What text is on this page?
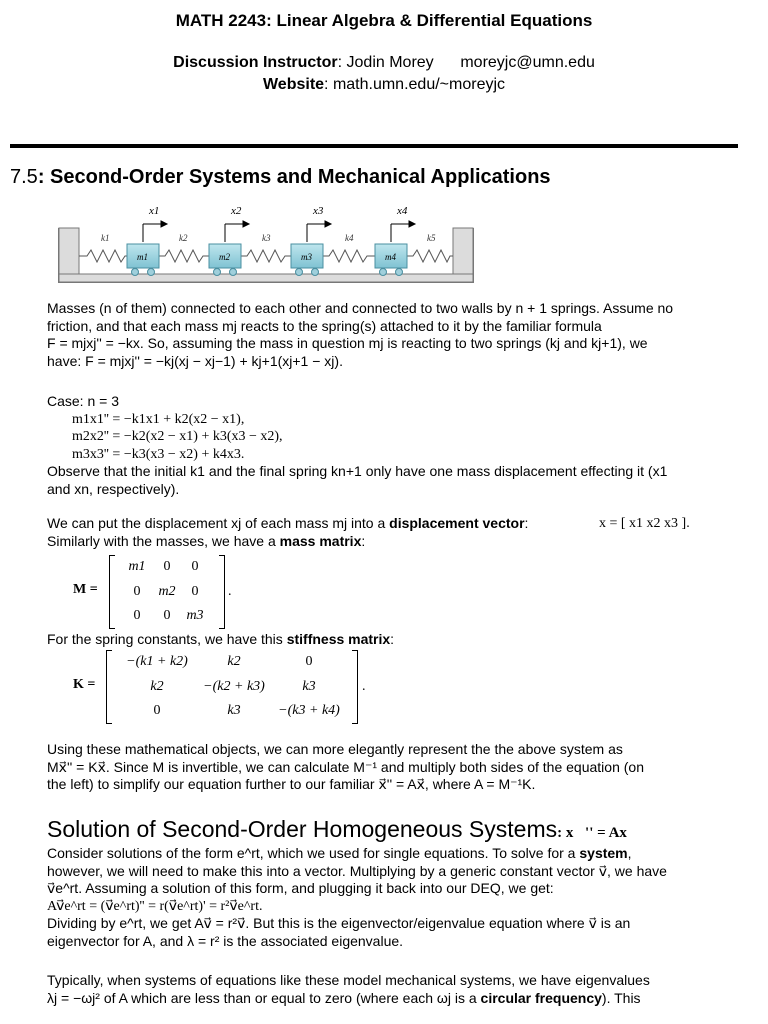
MATH 2243: Linear Algebra & Differential Equations
Discussion Instructor: Jodin Morey moreyjc@umn.edu
Website: math.umn.edu/~moreyjc
7.5: Second-Order Systems and Mechanical Applications
k1	k2	k3	k4	k5
m1	m2	m3	m4
x1	x2	x3	x4
Masses (n of them) connected to each other and connected to two walls by n + 1 springs. Assume no
friction, and that each mass mj reacts to the spring(s) attached to it by the familiar formula
F = mjxj'' = −kx. So, assuming the mass in question mj is reacting to two springs (kj and kj+1), we
have: F = mjxj'' = −kj(xj − xj−1) + kj+1(xj+1 − xj).
Case: n = 3
m1x1'' = −k1x1 + k2(x2 − x1),
m2x2'' = −k2(x2 − x1) + k3(x3 − x2),
m3x3'' = −k3(x3 − x2) + k4x3.
Observe that the initial k1 and the final spring kn+1 only have one mass displacement effecting it (x1
and xn, respectively).
We can put the displacement xj of each mass mj into a displacement vector:	x = [ x1 x2 x3 ].
Similarly with the masses, we have a mass matrix:
M =	.
m1	0	0
0	m2	0
0	0	m3
For the spring constants, we have this stiffness matrix:
K =	.
−(k1 + k2)	k2	0
k2	−(k2 + k3)	k3
0	k3	−(k3 + k4)
Using these mathematical objects, we can more elegantly represent the the above system as
Mx⃗'' = Kx⃗. Since M is invertible, we can calculate M⁻¹ and multiply both sides of the equation (on
the left) to simplify our equation further to our familiar x⃗'' = Ax⃗, where A = M⁻¹K.
Solution of Second-Order Homogeneous Systems: x⃗'' = Ax⃗
Consider solutions of the form e^rt, which we used for single equations. To solve for a system,
however, we will need to make this into a vector. Multiplying by a generic constant vector v⃗, we have
v⃗e^rt. Assuming a solution of this form, and plugging it back into our DEQ, we get:
Av⃗e^rt = (v⃗e^rt)'' = r(v⃗e^rt)' = r²v⃗e^rt.
Dividing by e^rt, we get Av⃗ = r²v⃗. But this is the eigenvector/eigenvalue equation where v⃗ is an
eigenvector for A, and λ = r² is the associated eigenvalue.
Typically, when systems of equations like these model mechanical systems, we have eigenvalues
λj = −ωj² of A which are less than or equal to zero (where each ωj is a circular frequency). This
